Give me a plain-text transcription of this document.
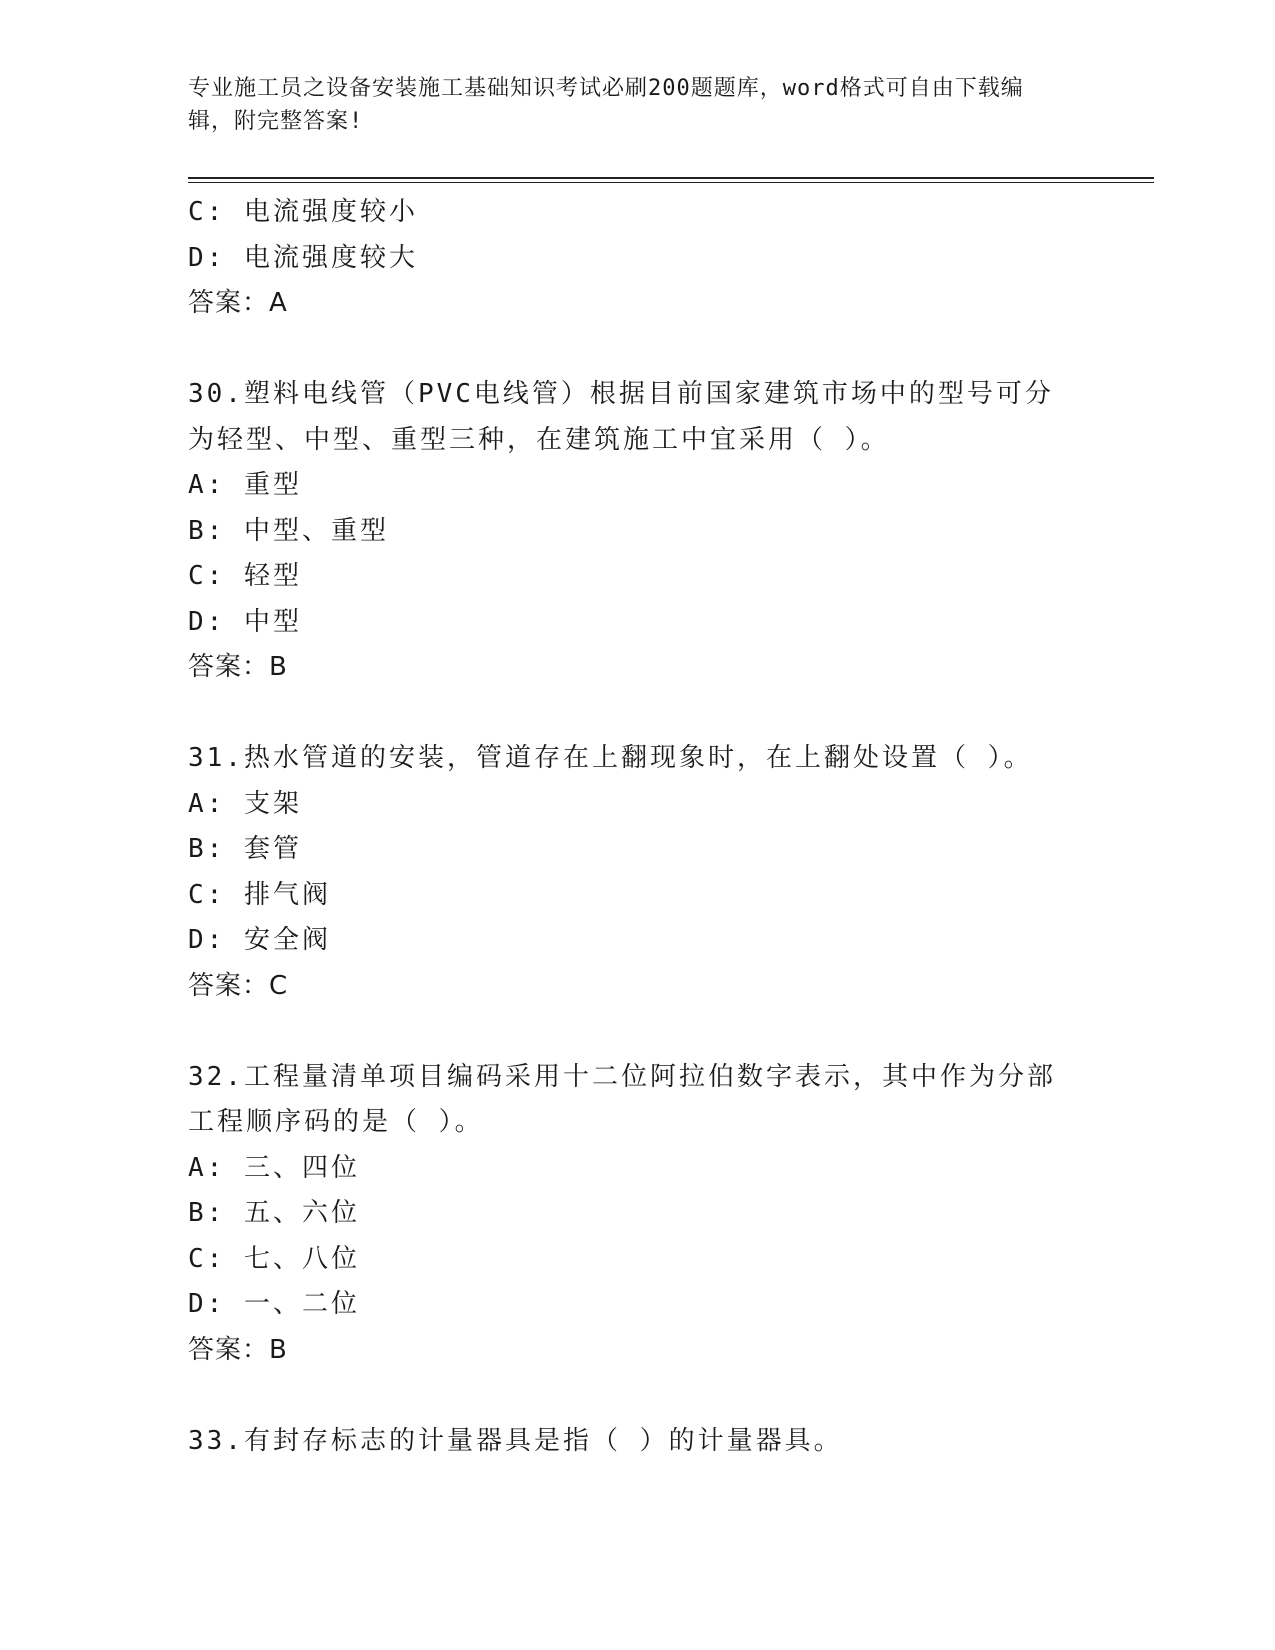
专业施工员之设备安装施工基础知识考试必刷200题题库，word格式可自由下载编辑，附完整答案!
C: 电流强度较小
D: 电流强度较大
答案：A
30.塑料电线管（PVC电线管）根据目前国家建筑市场中的型号可分为轻型、中型、重型三种，在建筑施工中宜采用（ ）。
A: 重型
B: 中型、重型
C: 轻型
D: 中型
答案：B
31.热水管道的安装，管道存在上翻现象时，在上翻处设置（ ）。
A: 支架
B: 套管
C: 排气阀
D: 安全阀
答案：C
32.工程量清单项目编码采用十二位阿拉伯数字表示，其中作为分部工程顺序码的是（ ）。
A: 三、四位
B: 五、六位
C: 七、八位
D: 一、二位
答案：B
33.有封存标志的计量器具是指（ ）的计量器具。
